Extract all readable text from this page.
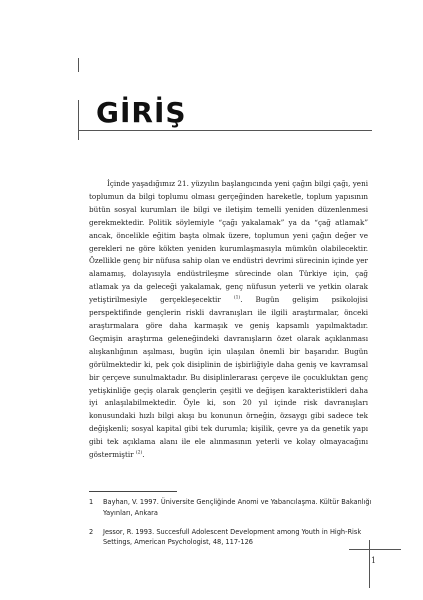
GİRİŞ

İçinde yaşadığımız 21. yüzyılın başlangıcında yeni çağın bilgi çağı, yeni toplumun da bilgi toplumu olması gerçeğinden hareketle, toplum yapısının bütün sosyal kurumları ile bilgi ve iletişim temelli yeniden düzenlenmesi gerekmektedir. Politik söylemiyle “çağı yakalamak” ya da “çağ atlamak” ancak, öncelikle eğitim başta olmak üzere, toplumun yeni çağın değer ve gerekleri ne göre kökten yeniden kurumlaşmasıyla mümkün olabilecektir. Özellikle genç bir nüfusa sahip olan ve endüstri devrimi sürecinin içinde yer alamamış, dolayısıyla endüstrileşme sürecinde olan Türkiye için, çağ atlamak ya da geleceği yakalamak, genç nüfusun yeterli ve yetkin olarak yetiştirilmesiyle gerçekleşecektir	$^{(1)}$. Bugün gelişim psikolojisi perspektifinde gençlerin riskli davranışları ile ilgili araştırmalar, önceki araştırmalara göre daha karmaşık ve geniş kapsamlı yapılmaktadır. Geçmişin araştırma geleneğindeki davranışların özet olarak açıklanması alışkanlığının aşılması, bugün için ulaşılan önemli bir başarıdır. Bugün görülmektedir ki, pek çok disiplinin de işbirliğiyle daha geniş ve kavramsal bir çerçeve sunulmaktadır. Bu disiplinlerarası çerçeve ile çocukluktan genç yetişkinliğe geçiş olarak gençlerin çeşitli ve değişen karakteristikleri daha iyi anlaşılabilmektedir. Öyle ki, son 20 yıl içinde risk davranışları konusundaki hızlı bilgi akışı bu konunun örneğin, özsaygı gibi sadece tek değişkenli; sosyal kapital gibi tek durumla; kişilik, çevre ya da genetik yapı gibi tek açıklama alanı ile ele alınmasının yeterli ve kolay olmayacağını göstermiştir $^{(2)}$.

1	Bayhan, V. 1997. Üniversite Gençliğinde Anomi ve Yabancılaşma. Kültür Bakanlığı Yayınları, Ankara
2	Jessor, R. 1993. Succesfull Adolescent Development among Youth in High-Risk Settings, American Psychologist, 48, 117-126
1
